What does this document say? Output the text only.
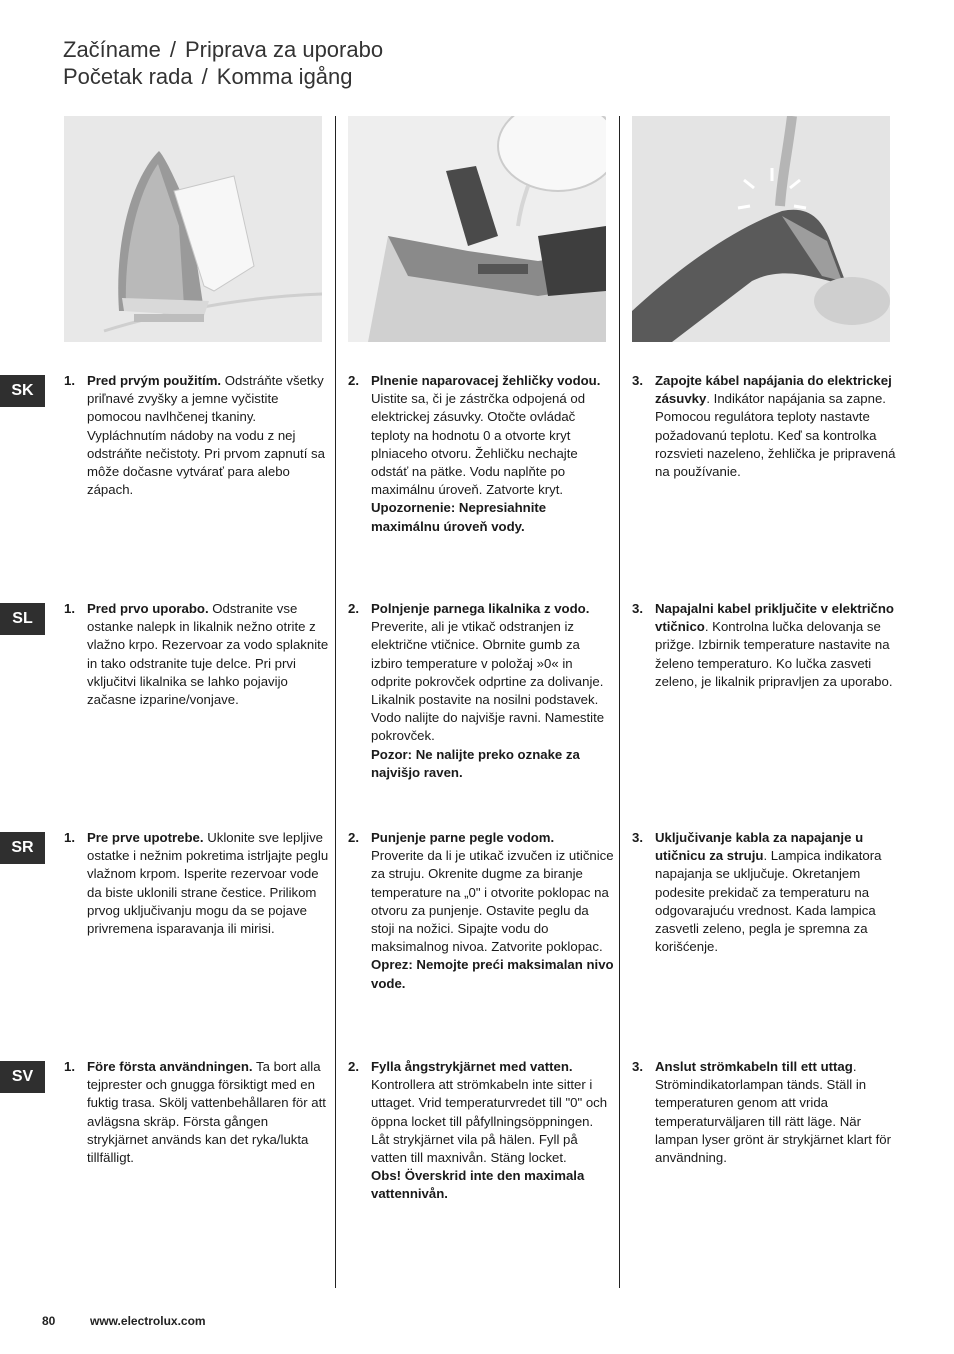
Začíname / Priprava za uporabo
Početak rada / Komma igång
SK
1. Pred prvým použitím. Odstráňte všetky priľnavé zvyšky a jemne vyčistite pomocou navlhčenej tkaniny. Vypláchnutím nádoby na vodu z nej odstráňte nečistoty. Pri prvom zapnutí sa môže dočasne vytvárať para alebo zápach.
2. Plnenie naparovacej žehličky vodou.
Uistite sa, či je zástrčka odpojená od elektrickej zásuvky. Otočte ovládač teploty na hodnotu 0 a otvorte kryt plniaceho otvoru. Žehličku nechajte odstáť na pätke. Vodu naplňte po maximálnu úroveň. Zatvorte kryt.
Upozornenie: Nepresiahnite maximálnu úroveň vody.
3. Zapojte kábel napájania do elektrickej zásuvky. Indikátor napájania sa zapne. Pomocou regulátora teploty nastavte požadovanú teplotu. Keď sa kontrolka rozsvieti nazeleno, žehlička je pripravená na používanie.
SL
1. Pred prvo uporabo. Odstranite vse ostanke nalepk in likalnik nežno otrite z vlažno krpo. Rezervoar za vodo splaknite in tako odstranite tuje delce. Pri prvi vključitvi likalnika se lahko pojavijo začasne izparine/vonjave.
2. Polnjenje parnega likalnika z vodo.
Preverite, ali je vtikač odstranjen iz električne vtičnice. Obrnite gumb za izbiro temperature v položaj »0« in odprite pokrovček odprtine za dolivanje. Likalnik postavite na nosilni podstavek. Vodo nalijte do najvišje ravni. Namestite pokrovček.
Pozor: Ne nalijte preko oznake za najvišjo raven.
3. Napajalni kabel priključite v električno vtičnico. Kontrolna lučka delovanja se prižge. Izbirnik temperature nastavite na želeno temperaturo. Ko lučka zasveti zeleno, je likalnik pripravljen za uporabo.
SR
1. Pre prve upotrebe. Uklonite sve lepljive ostatke i nežnim pokretima istrljajte peglu vlažnom krpom. Isperite rezervoar vode da biste uklonili strane čestice. Prilikom prvog uključivanju mogu da se pojave privremena isparavanja ili mirisi.
2. Punjenje parne pegle vodom.
Proverite da li je utikač izvučen iz utičnice za struju. Okrenite dugme za biranje temperature na „0" i otvorite poklopac na otvoru za punjenje. Ostavite peglu da stoji na nožici. Sipajte vodu do maksimalnog nivoa. Zatvorite poklopac.
Oprez: Nemojte preći maksimalan nivo vode.
3. Uključivanje kabla za napajanje u utičnicu za struju. Lampica indikatora napajanja se uključuje. Okretanjem podesite prekidač za temperaturu na odgovarajuću vrednost. Kada lampica zasvetli zeleno, pegla je spremna za korišćenje.
SV
1. Före första användningen. Ta bort alla tejprester och gnugga försiktigt med en fuktig trasa. Skölj vattenbehållaren för att avlägsna skräp. Första gången strykjärnet används kan det ryka/lukta tillfälligt.
2. Fylla ångstrykjärnet med vatten.
Kontrollera att strömkabeln inte sitter i uttaget. Vrid temperaturvredet till "0" och öppna locket till påfyllningsöppningen. Låt strykjärnet vila på hälen. Fyll på vatten till maxnivån. Stäng locket.
Obs! Överskrid inte den maximala vattennivån.
3. Anslut strömkabeln till ett uttag. Strömindikatorlampan tänds. Ställ in temperaturen genom att vrida temperaturväljaren till rätt läge. När lampan lyser grönt är strykjärnet klart för användning.
80	www.electrolux.com
